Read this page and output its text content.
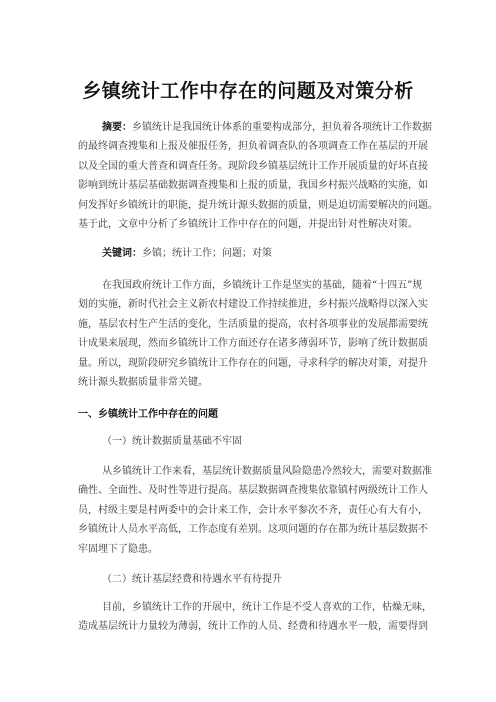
乡镇统计工作中存在的问题及对策分析
摘要：乡镇统计是我国统计体系的重要构成部分，担负着各项统计工作数据
的最终调查搜集和上报及催报任务，担负着调查队的各项调查工作在基层的开展
以及全国的重大普查和调查任务。现阶段乡镇基层统计工作开展质量的好坏直接
影响到统计基层基础数据调查搜集和上报的质量，我国乡村振兴战略的实施，如
何发挥好乡镇统计的职能，提升统计源头数据的质量，则是迫切需要解决的问题。
基于此，文章中分析了乡镇统计工作中存在的问题，并提出针对性解决对策。
关键词：乡镇；统计工作；问题；对策
在我国政府统计工作方面，乡镇统计工作是坚实的基础，随着“十四五”规
划的实施，新时代社会主义新农村建设工作持续推进，乡村振兴战略得以深入实
施，基层农村生产生活的变化，生活质量的提高，农村各项事业的发展都需要统
计成果来展现，然而乡镇统计工作方面还存在诸多薄弱环节，影响了统计数据质
量。所以，现阶段研究乡镇统计工作存在的问题，寻求科学的解决对策，对提升
统计源头数据质量非常关键。
一、乡镇统计工作中存在的问题
（一）统计数据质量基础不牢固
从乡镇统计工作来看，基层统计数据质量风险隐患冷然较大，需要对数据准
确性、全面性、及时性等进行提高。基层数据调查搜集依靠镇村两级统计工作人
员，村级主要是村两委中的会计来工作，会计水平参次不齐，责任心有大有小，
乡镇统计人员水平高低，工作态度有差别。这项问题的存在都为统计基层数据不
牢固埋下了隐患。
（二）统计基层经费和待遇水平有待提升
目前，乡镇统计工作的开展中，统计工作是不受人喜欢的工作，枯燥无味，
造成基层统计力量较为薄弱，统计工作的人员、经费和待遇水平一般，需要得到
